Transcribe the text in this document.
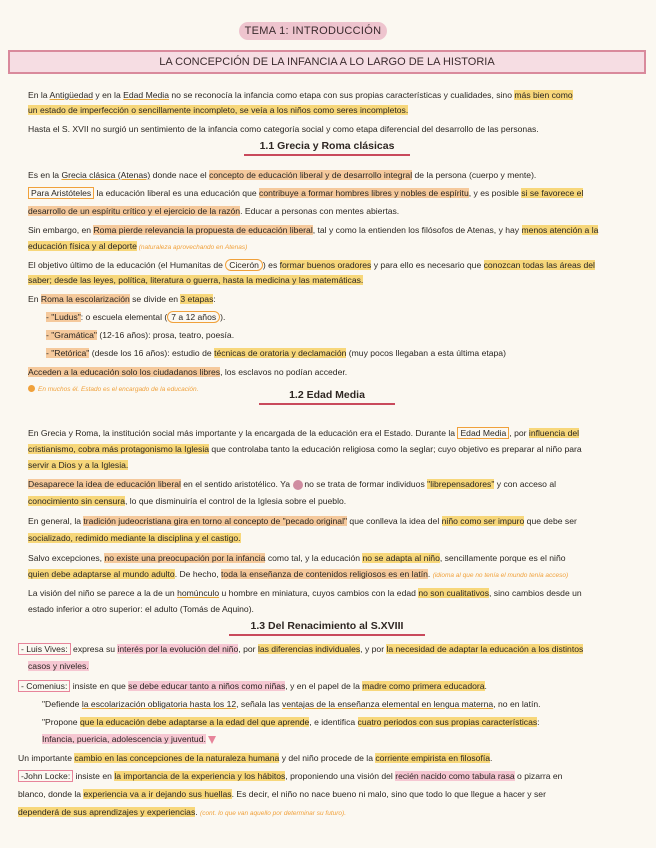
TEMA 1: INTRODUCCIÓN
LA CONCEPCIÓN DE LA INFANCIA A LO LARGO DE LA HISTORIA
En la Antigüedad y en la Edad Media no se reconocía la infancia como etapa con sus propias características y cualidades, sino más bien como
un estado de imperfección o sencillamente incompleto, se veía a los niños como seres incompletos.
Hasta el S. XVII no surgió un sentimiento de la infancia como categoría social y como etapa diferencial del desarrollo de las personas.
1.1 Grecia y Roma clásicas
Es en la Grecia clásica (Atenas) donde nace el concepto de educación liberal y de desarrollo integral de la persona (cuerpo y mente).
Para Aristóteles la educación liberal es una educación que contribuye a formar hombres libres y nobles de espíritu, y es posible si se favorece el
desarrollo de un espíritu crítico y el ejercicio de la razón. Educar a personas con mentes abiertas.
Sin embargo, en Roma pierde relevancia la propuesta de educación liberal, tal y como la entienden los filósofos de Atenas, y hay menos atención a la
educación física y al deporte (naturaleza aprovechando en Atenas)
El objetivo último de la educación (el Humanitas de Cicerón ) es formar buenos oradores y para ello es necesario que conozcan todas las áreas del
saber; desde las leyes, política, literatura o guerra, hasta la medicina y las matemáticas.
En Roma la escolarización se divide en 3 etapas:
- "Ludus": o escuela elemental ( 7 a 12 años ).
- "Gramática" (12-16 años): prosa, teatro, poesía.
- "Retórica" (desde los 16 años): estudio de técnicas de oratoria y declamación (muy pocos llegaban a esta última etapa)
Acceden a la educación solo los ciudadanos libres, los esclavos no podían acceder.
En muchos él. Estado es el encargado de la educación.	1.2 Edad Media
En Grecia y Roma, la institución social más importante y la encargada de la educación era el Estado. Durante la Edad Media , por influencia del
cristianismo, cobra más protagonismo la Iglesia que controlaba tanto la educación religiosa como la seglar; cuyo objetivo es preparar al niño para
servir a Dios y a la Iglesia.
Desaparece la idea de educación liberal en el sentido aristotélico. Ya no se trata de formar individuos "librepensadores" y con acceso al
conocimiento sin censura, lo que disminuiría el control de la Iglesia sobre el pueblo.
En general, la tradición judeocristiana gira en torno al concepto de "pecado original" que conlleva la idea del niño como ser impuro que debe ser
socializado, redimido mediante la disciplina y el castigo.
Salvo excepciones, no existe una preocupación por la infancia como tal, y la educación no se adapta al niño, sencillamente porque es el niño
quien debe adaptarse al mundo adulto. De hecho, toda la enseñanza de contenidos religiosos es en latín. (idioma al que no tenía el mundo tenía acceso)
La visión del niño se parece a la de un homúnculo u hombre en miniatura, cuyos cambios con la edad no son cualitativos, sino cambios desde un
estado inferior a otro superior: el adulto (Tomás de Aquino).
1.3 Del Renacimiento al S.XVIII
- Luis Vives: expresa su interés por la evolución del niño, por las diferencias individuales, y por la necesidad de adaptar la educación a los distintos
casos y niveles.
- Comenius: insiste en que se debe educar tanto a niños como niñas, y en el papel de la madre como primera educadora.
"Defiende la escolarización obligatoria hasta los 12, señala las ventajas de la enseñanza elemental en lengua materna, no en latín.
"Propone que la educación debe adaptarse a la edad del que aprende, e identifica cuatro periodos con sus propias características:
Infancia, puericia, adolescencia y juventud.
Un importante cambio en las concepciones de la naturaleza humana y del niño procede de la corriente empirista en filosofía.
-John Locke: insiste en la importancia de la experiencia y los hábitos, proponiendo una visión del recién nacido como tabula rasa o pizarra en
blanco, donde la experiencia va a ir dejando sus huellas. Es decir, el niño no nace bueno ni malo, sino que todo lo que llegue a hacer y ser
dependerá de sus aprendizajes y experiencias. (cont. lo que van aquello por determinar su futuro).
